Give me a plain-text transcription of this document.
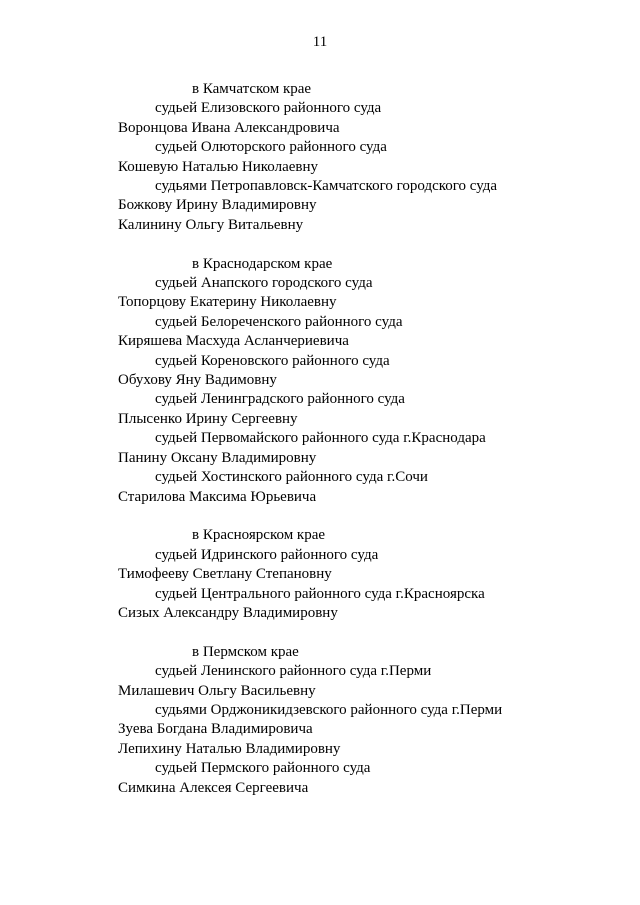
11
в Камчатском крае
судьей Елизовского районного суда
Воронцова Ивана Александровича
судьей Олюторского районного суда
Кошевую Наталью Николаевну
судьями Петропавловск-Камчатского городского суда
Божкову Ирину Владимировну
Калинину Ольгу Витальевну
в Краснодарском крае
судьей Анапского городского суда
Топорцову Екатерину Николаевну
судьей Белореченского районного суда
Киряшева Масхуда Асланчериевича
судьей Кореновского районного суда
Обухову Яну Вадимовну
судьей Ленинградского районного суда
Плысенко Ирину Сергеевну
судьей Первомайского районного суда г.Краснодара
Панину Оксану Владимировну
судьей Хостинского районного суда г.Сочи
Старилова Максима Юрьевича
в Красноярском крае
судьей Идринского районного суда
Тимофееву Светлану Степановну
судьей Центрального районного суда г.Красноярска
Сизых Александру Владимировну
в Пермском крае
судьей Ленинского районного суда г.Перми
Милашевич Ольгу Васильевну
судьями Орджоникидзевского районного суда г.Перми
Зуева Богдана Владимировича
Лепихину Наталью Владимировну
судьей Пермского районного суда
Симкина Алексея Сергеевича
